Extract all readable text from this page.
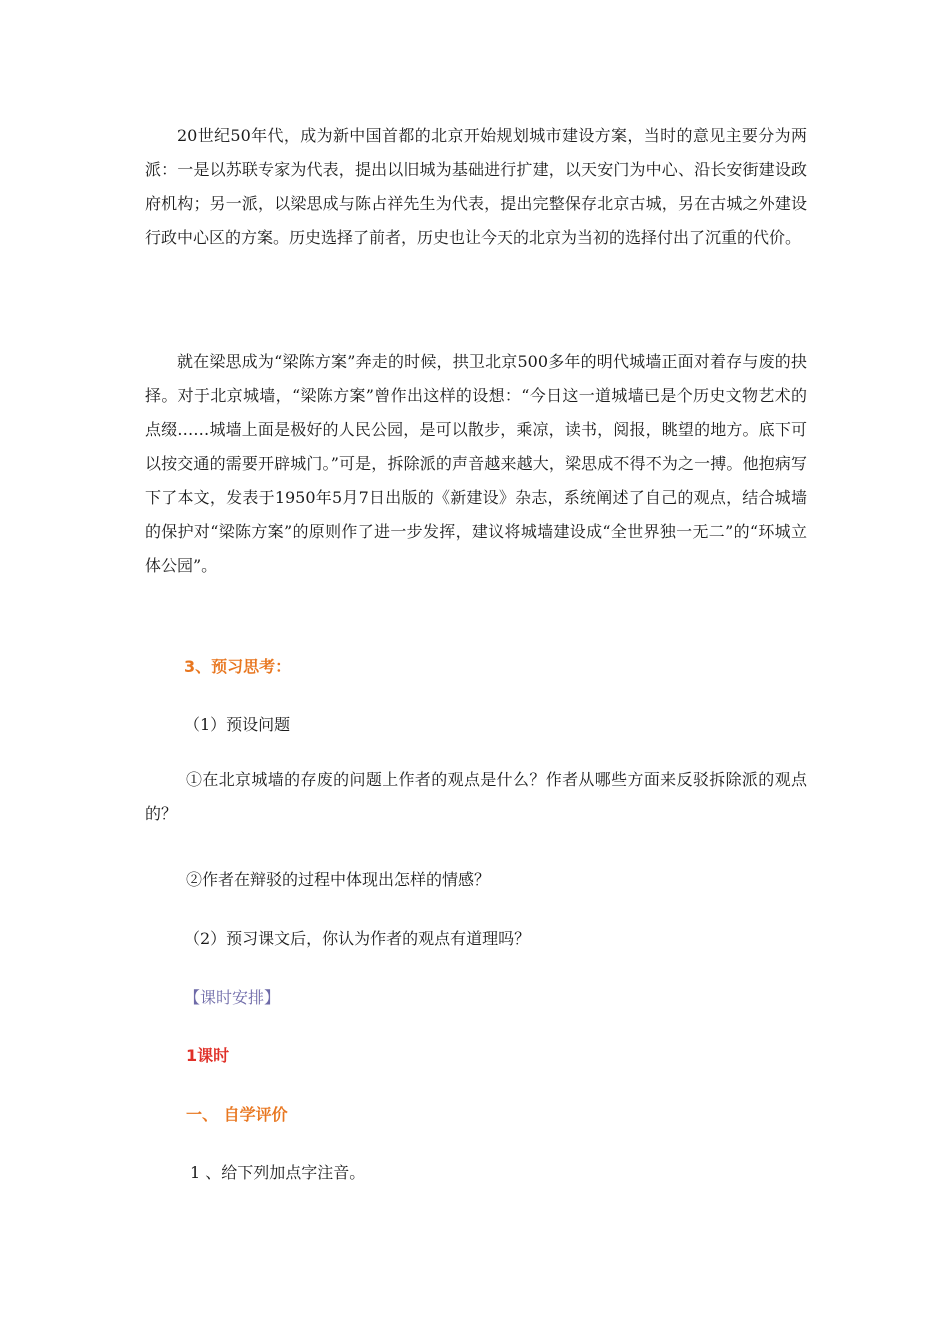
20世纪50年代，成为新中国首都的北京开始规划城市建设方案，当时的意见主要分为两派：一是以苏联专家为代表，提出以旧城为基础进行扩建，以天安门为中心、沿长安街建设政府机构；另一派，以梁思成与陈占祥先生为代表，提出完整保存北京古城，另在古城之外建设行政中心区的方案。历史选择了前者，历史也让今天的北京为当初的选择付出了沉重的代价。

就在梁思成为“梁陈方案”奔走的时候，拱卫北京500多年的明代城墙正面对着存与废的抉择。对于北京城墙，“梁陈方案”曾作出这样的设想：“今日这一道城墙已是个历史文物艺术的点缀……城墙上面是极好的人民公园，是可以散步，乘凉，读书，阅报，眺望的地方。底下可以按交通的需要开辟城门。”可是，拆除派的声音越来越大，梁思成不得不为之一搏。他抱病写下了本文，发表于1950年5月7日出版的《新建设》杂志，系统阐述了自己的观点，结合城墙的保护对“梁陈方案”的原则作了进一步发挥，建议将城墙建设成“全世界独一无二”的“环城立体公园”。

3、预习思考：

（1）预设问题

①在北京城墙的存废的问题上作者的观点是什么？作者从哪些方面来反驳拆除派的观点的？

②作者在辩驳的过程中体现出怎样的情感？

（2）预习课文后，你认为作者的观点有道理吗？

【课时安排】

1课时

一、 自学评价

1 、给下列加点字注音。
